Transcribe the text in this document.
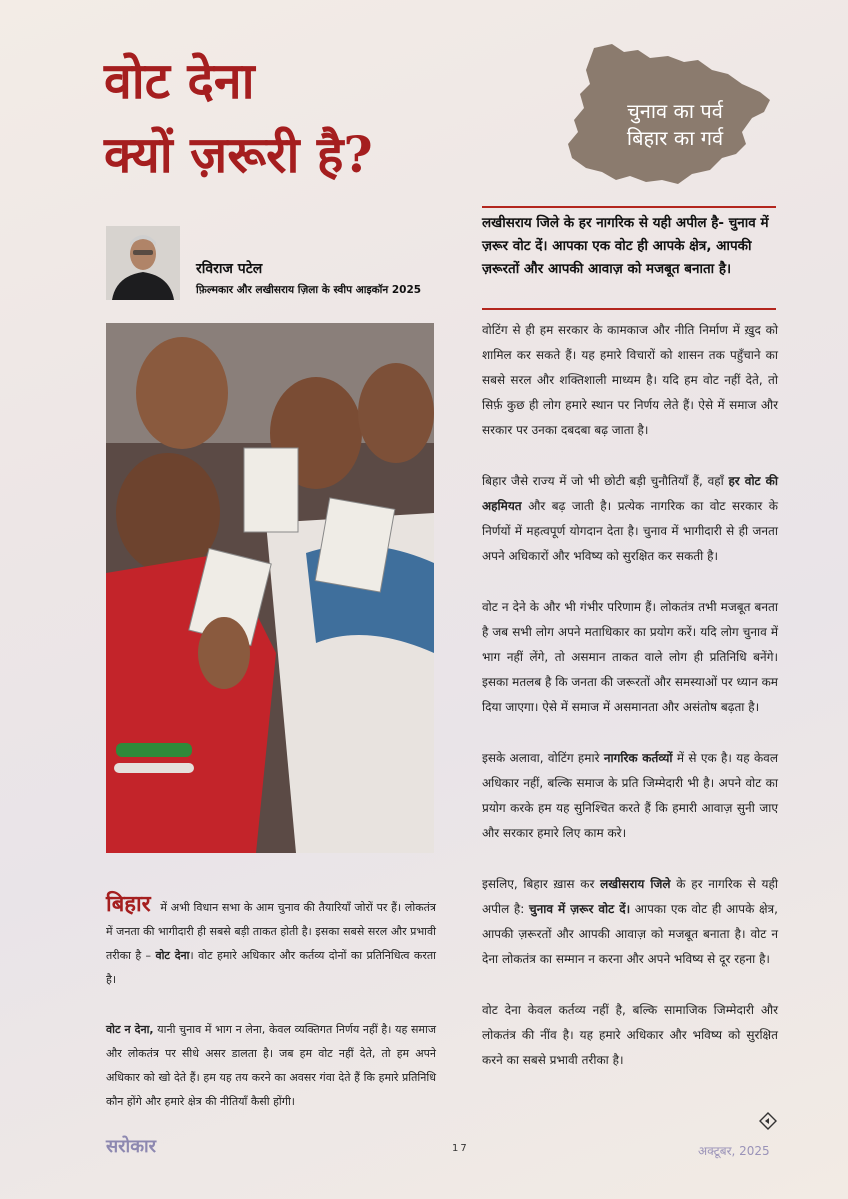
वोट देना
क्यों ज़रूरी है?
चुनाव का पर्व
बिहार का गर्व
रविराज पटेल
फ़िल्मकार और लखीसराय ज़िला के स्वीप आइकॉन 2025

लखीसराय जिले के हर नागरिक से यही अपील है- चुनाव में ज़रूर वोट दें। आपका एक वोट ही आपके क्षेत्र, आपकी ज़रूरतों और आपकी आवाज़ को मजबूत बनाता है।

वोटिंग से ही हम सरकार के कामकाज और नीति निर्माण में ख़ुद को शामिल कर सकते हैं। यह हमारे विचारों को शासन तक पहुँचाने का सबसे सरल और शक्तिशाली माध्यम है। यदि हम वोट नहीं देते, तो सिर्फ़ कुछ ही लोग हमारे स्थान पर निर्णय लेते हैं। ऐसे में समाज और सरकार पर उनका दबदबा बढ़ जाता है।

बिहार जैसे राज्य में जो भी छोटी बड़ी चुनौतियाँ हैं, वहाँ हर वोट की अहमियत और बढ़ जाती है। प्रत्येक नागरिक का वोट सरकार के निर्णयों में महत्वपूर्ण योगदान देता है। चुनाव में भागीदारी से ही जनता अपने अधिकारों और भविष्य को सुरक्षित कर सकती है।

वोट न देने के और भी गंभीर परिणाम हैं। लोकतंत्र तभी मजबूत बनता है जब सभी लोग अपने मताधिकार का प्रयोग करें। यदि लोग चुनाव में भाग नहीं लेंगे, तो असमान ताकत वाले लोग ही प्रतिनिधि बनेंगे। इसका मतलब है कि जनता की जरूरतों और समस्याओं पर ध्यान कम दिया जाएगा। ऐसे में समाज में असमानता और असंतोष बढ़ता है।

इसके अलावा, वोटिंग हमारे नागरिक कर्तव्यों में से एक है। यह केवल अधिकार नहीं, बल्कि समाज के प्रति जिम्मेदारी भी है। अपने वोट का प्रयोग करके हम यह सुनिश्चित करते हैं कि हमारी आवाज़ सुनी जाए और सरकार हमारे लिए काम करे।

इसलिए, बिहार ख़ास कर लखीसराय जिले के हर नागरिक से यही अपील है: चुनाव में ज़रूर वोट दें। आपका एक वोट ही आपके क्षेत्र, आपकी ज़रूरतों और आपकी आवाज़ को मजबूत बनाता है। वोट न देना लोकतंत्र का सम्मान न करना और अपने भविष्य से दूर रहना है।

वोट देना केवल कर्तव्य नहीं है, बल्कि सामाजिक जिम्मेदारी और लोकतंत्र की नींव है। यह हमारे अधिकार और भविष्य को सुरक्षित करने का सबसे प्रभावी तरीका है।

बिहार में अभी विधान सभा के आम चुनाव की तैयारियाँ जोरों पर हैं। लोकतंत्र में जनता की भागीदारी ही सबसे बड़ी ताकत होती है। इसका सबसे सरल और प्रभावी तरीका है – वोट देना। वोट हमारे अधिकार और कर्तव्य दोनों का प्रतिनिधित्व करता है।

वोट न देना, यानी चुनाव में भाग न लेना, केवल व्यक्तिगत निर्णय नहीं है। यह समाज और लोकतंत्र पर सीधे असर डालता है। जब हम वोट नहीं देते, तो हम अपने अधिकार को खो देते हैं। हम यह तय करने का अवसर गंवा देते हैं कि हमारे प्रतिनिधि कौन होंगे और हमारे क्षेत्र की नीतियाँ कैसी होंगी।

सरोकार	17	अक्टूबर, 2025
